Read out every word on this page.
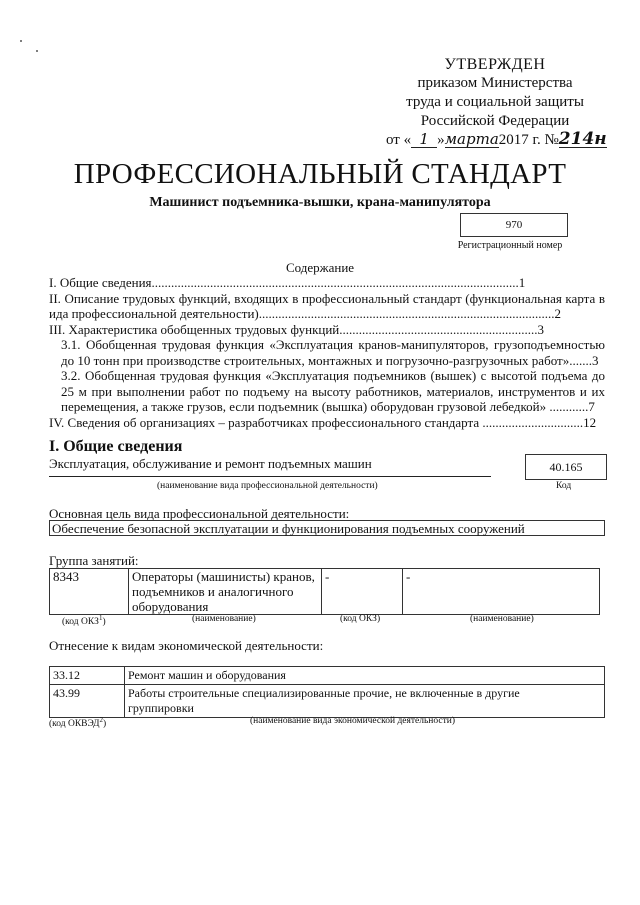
УТВЕРЖДЕН
приказом Министерства
труда и социальной защиты
Российской Федерации
от « 1 »марта2017 г. №214н
ПРОФЕССИОНАЛЬНЫЙ СТАНДАРТ
Машинист подъемника-вышки, крана-манипулятора
970
Регистрационный номер
Содержание
I. Общие сведения.................................................................................................................1
II. Описание трудовых функций, входящих в профессиональный стандарт (функциональная карта вида профессиональной деятельности)...........................................................................................2
III. Характеристика обобщенных трудовых функций.............................................................3
3.1. Обобщенная трудовая функция «Эксплуатация кранов-манипуляторов, грузоподъемностью до 10 тонн при производстве строительных, монтажных и погрузочно-разгрузочных работ».......3
3.2. Обобщенная трудовая функция «Эксплуатация подъемников (вышек) с высотой подъема до 25 м при выполнении работ по подъему на высоту работников, материалов, инструментов и их перемещения, а также грузов, если подъемник (вышка) оборудован грузовой лебедкой» ............7
IV. Сведения об организациях – разработчиках профессионального стандарта ...............................12
I. Общие сведения
Эксплуатация, обслуживание и ремонт подъемных машин	40.165
(наименование вида профессиональной деятельности)	Код
Основная цель вида профессиональной деятельности:
Обеспечение безопасной эксплуатации и функционирования подъемных сооружений
Группа занятий:
8343	Операторы (машинисты) кранов, подъемников и аналогичного оборудования	-	-
(код ОКЗ$^1$)	(наименование)	(код ОКЗ)	(наименование)
Отнесение к видам экономической деятельности:
33.12	Ремонт машин и оборудования
43.99	Работы строительные специализированные прочие, не включенные в другие группировки
(код ОКВЭД$^2$)	(наименование вида экономической деятельности)
